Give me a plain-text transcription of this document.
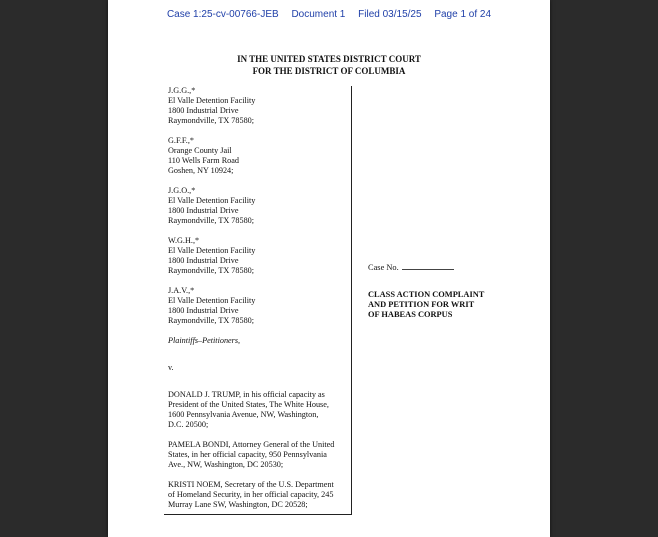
Case 1:25-cv-00766-JEB Document 1 Filed 03/15/25 Page 1 of 24
IN THE UNITED STATES DISTRICT COURT
FOR THE DISTRICT OF COLUMBIA
J.G.G.,*
El Valle Detention Facility
1800 Industrial Drive
Raymondville, TX 78580;
G.F.F.,*
Orange County Jail
110 Wells Farm Road
Goshen, NY 10924;
J.G.O.,*
El Valle Detention Facility
1800 Industrial Drive
Raymondville, TX 78580;
W.G.H.,*
El Valle Detention Facility
1800 Industrial Drive
Raymondville, TX 78580;
J.A.V.,*
El Valle Detention Facility
1800 Industrial Drive
Raymondville, TX 78580;
Plaintiffs–Petitioners,
v.
DONALD J. TRUMP, in his official capacity as
President of the United States, The White House,
1600 Pennsylvania Avenue, NW, Washington,
D.C. 20500;
PAMELA BONDI, Attorney General of the United
States, in her official capacity, 950 Pennsylvania
Ave., NW, Washington, DC 20530;
KRISTI NOEM, Secretary of the U.S. Department
of Homeland Security, in her official capacity, 245
Murray Lane SW, Washington, DC 20528;
Case No.
CLASS ACTION COMPLAINT
AND PETITION FOR WRIT
OF HABEAS CORPUS
